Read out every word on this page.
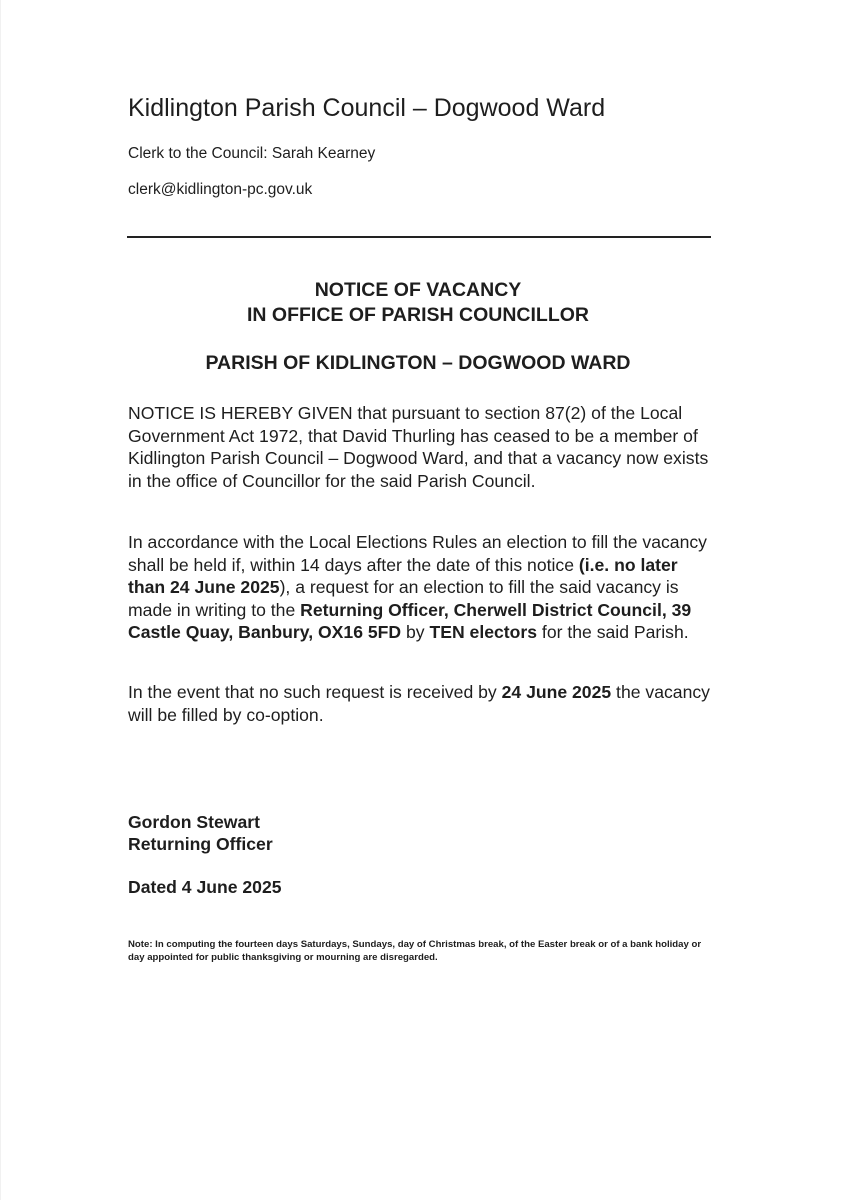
Kidlington Parish Council – Dogwood Ward
Clerk to the Council: Sarah Kearney
clerk@kidlington-pc.gov.uk
NOTICE OF VACANCY
IN OFFICE OF PARISH COUNCILLOR
PARISH OF KIDLINGTON – DOGWOOD WARD
NOTICE IS HEREBY GIVEN that pursuant to section 87(2) of the Local Government Act 1972, that David Thurling has ceased to be a member of Kidlington Parish Council – Dogwood Ward, and that a vacancy now exists in the office of Councillor for the said Parish Council.
In accordance with the Local Elections Rules an election to fill the vacancy shall be held if, within 14 days after the date of this notice (i.e. no later than 24 June 2025), a request for an election to fill the said vacancy is made in writing to the Returning Officer, Cherwell District Council, 39 Castle Quay, Banbury, OX16 5FD by TEN electors for the said Parish.
In the event that no such request is received by 24 June 2025 the vacancy will be filled by co-option.
Gordon Stewart
Returning Officer
Dated 4 June 2025
Note: In computing the fourteen days Saturdays, Sundays, day of Christmas break, of the Easter break or of a bank holiday or day appointed for public thanksgiving or mourning are disregarded.
